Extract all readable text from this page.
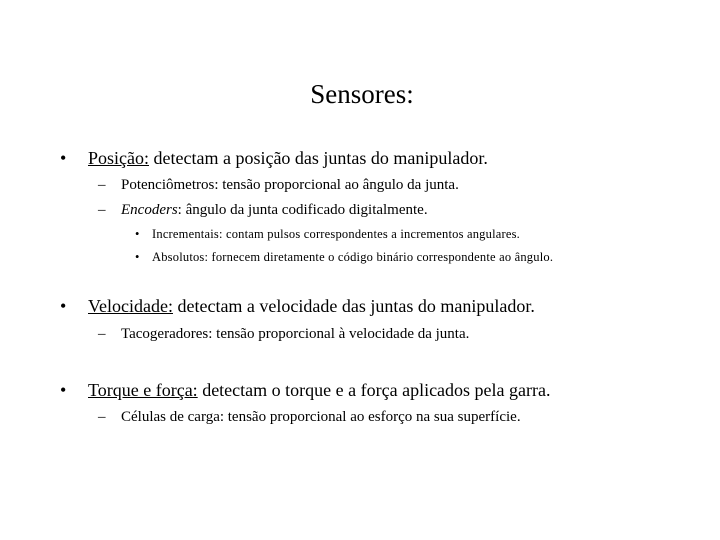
Sensores:
• Posição: detectam a posição das juntas do manipulador.
– Potenciômetros: tensão proporcional ao ângulo da junta.
– Encoders: ângulo da junta codificado digitalmente.
• Incrementais: contam pulsos correspondentes a incrementos angulares.
• Absolutos: fornecem diretamente o código binário correspondente ao ângulo.
• Velocidade: detectam a velocidade das juntas do manipulador.
– Tacogeradores: tensão proporcional à velocidade da junta.
• Torque e força: detectam o torque e a força aplicados pela garra.
– Células de carga: tensão proporcional ao esforço na sua superfície.
